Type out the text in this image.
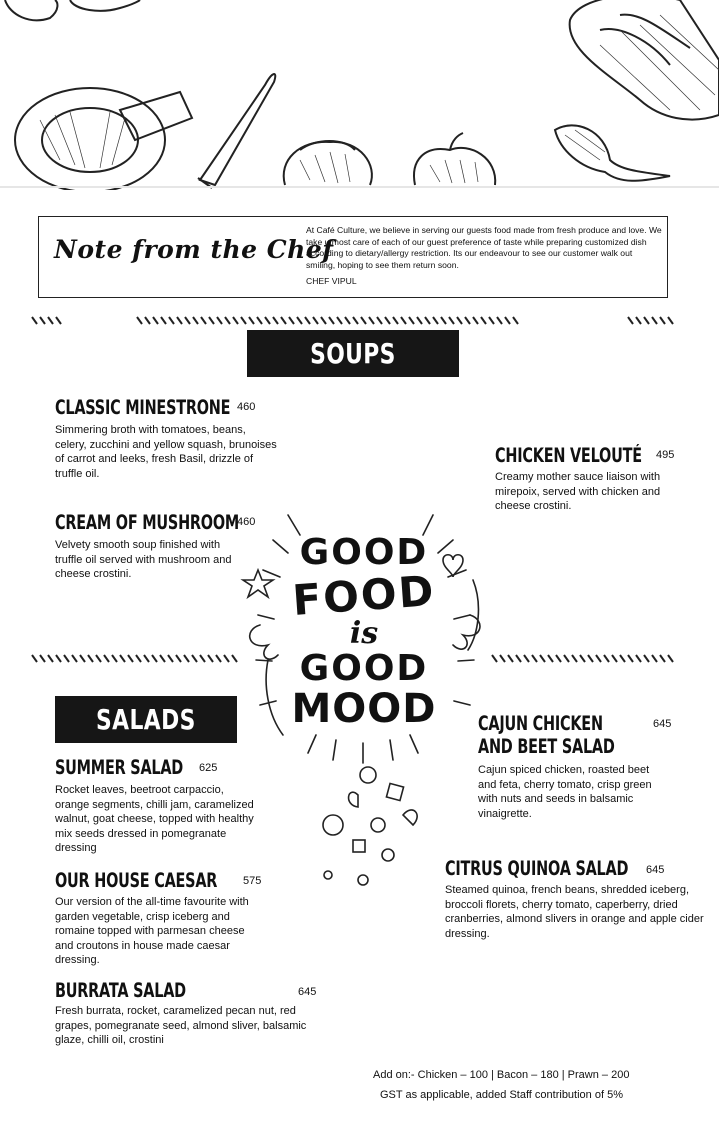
Note from the Chef
At Café Culture, we believe in serving our guests food made from fresh produce and love. We take utmost care of each of our guest preference of taste while preparing customized dish according to dietary/allergy restriction. Its our endeavour to see our customer walk out smiling, hoping to see them return soon.
CHEF VIPUL
SOUPS
CLASSIC MINESTRONE 460
Simmering broth with tomatoes, beans, celery, zucchini and yellow squash, brunoises of carrot and leeks, fresh Basil, drizzle of truffle oil.
CHICKEN VELOUTÉ 495
Creamy mother sauce liaison with mirepoix, served with chicken and cheese crostini.
CREAM OF MUSHROOM
460
Velvety smooth soup finished with truffle oil served with mushroom and cheese crostini.
GOOD
FOOD
is
GOOD
MOOD
SALADS
SUMMER SALAD 625
Rocket leaves, beetroot carpaccio, orange segments, chilli jam, caramelized walnut, goat cheese, topped with healthy mix seeds dressed in pomegranate dressing
CAJUN CHICKEN
AND BEET SALAD
645
Cajun spiced chicken, roasted beet and feta, cherry tomato, crisp green with nuts and seeds in balsamic vinaigrette.
OUR HOUSE CAESAR 575
Our version of the all-time favourite with garden vegetable, crisp iceberg and romaine topped with parmesan cheese and croutons in house made caesar dressing.
CITRUS QUINOA SALAD 645
Steamed quinoa, french beans, shredded iceberg, broccoli florets, cherry tomato, caperberry, dried cranberries, almond slivers in orange and apple cider dressing.
BURRATA SALAD	645
Fresh burrata, rocket, caramelized pecan nut, red grapes, pomegranate seed, almond sliver, balsamic glaze, chilli oil, crostini
Add on:- Chicken – 100 | Bacon – 180 | Prawn – 200
GST as applicable, added Staff contribution of 5%
